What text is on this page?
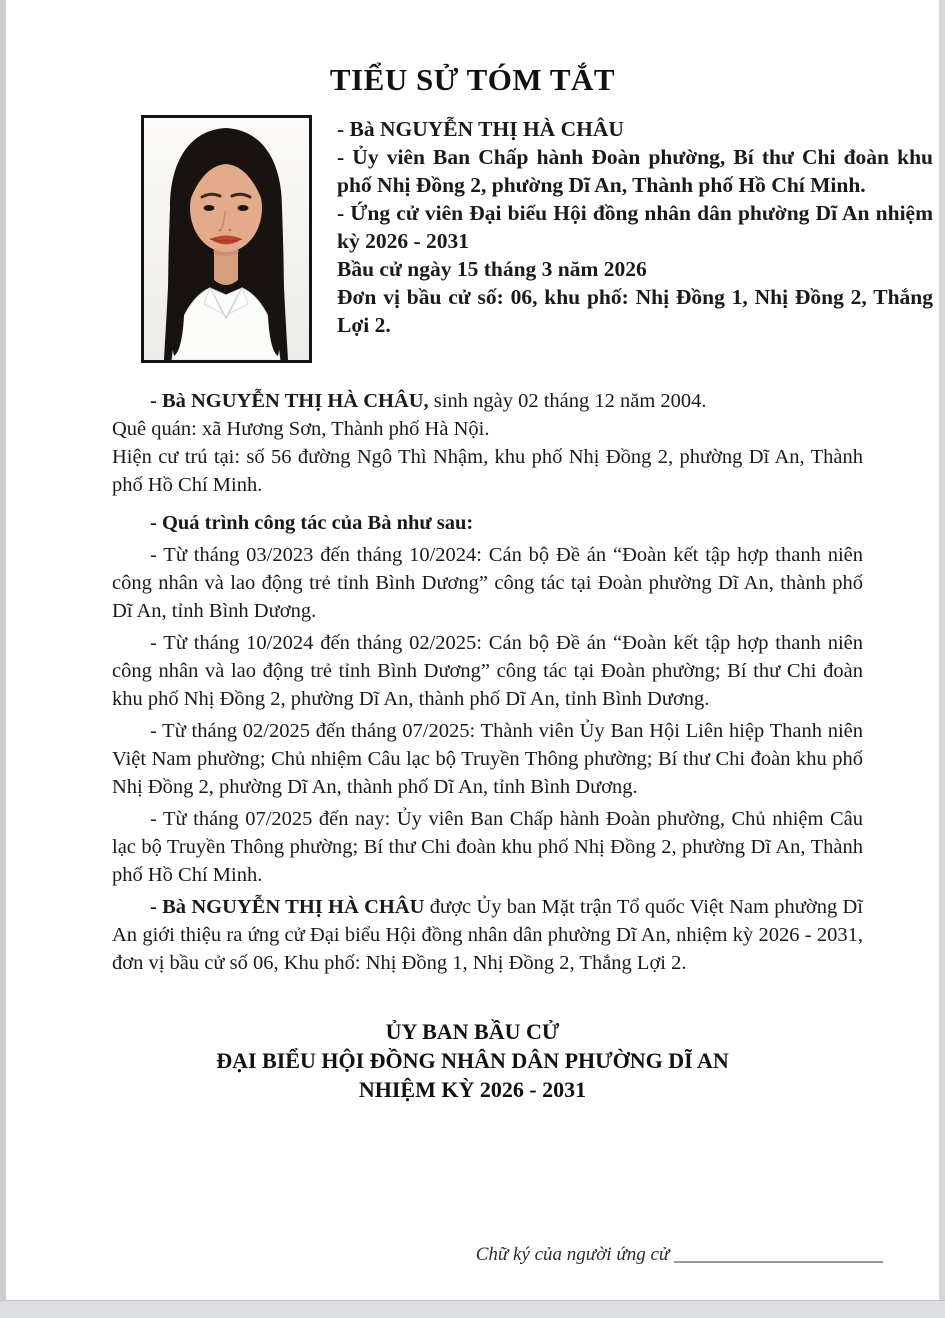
TIỂU SỬ TÓM TẮT

- Bà NGUYỄN THỊ HÀ CHÂU

- Ủy viên Ban Chấp hành Đoàn phường, Bí thư Chi đoàn khu phố Nhị Đồng 2, phường Dĩ An, Thành phố Hồ Chí Minh.

- Ứng cử viên Đại biểu Hội đồng nhân dân phường Dĩ An nhiệm kỳ 2026 - 2031

Bầu cử ngày 15 tháng 3 năm 2026

Đơn vị bầu cử số: 06, khu phố: Nhị Đồng 1, Nhị Đồng 2, Thắng Lợi 2.

- Bà NGUYỄN THỊ HÀ CHÂU, sinh ngày 02 tháng 12 năm 2004.

Quê quán: xã Hương Sơn, Thành phố Hà Nội.

Hiện cư trú tại: số 56 đường Ngô Thì Nhậm, khu phố Nhị Đồng 2, phường Dĩ An, Thành phố Hồ Chí Minh.

- Quá trình công tác của Bà như sau:

- Từ tháng 03/2023 đến tháng 10/2024: Cán bộ Đề án “Đoàn kết tập hợp thanh niên công nhân và lao động trẻ tỉnh Bình Dương” công tác tại Đoàn phường Dĩ An, thành phố Dĩ An, tỉnh Bình Dương.

- Từ tháng 10/2024 đến tháng 02/2025: Cán bộ Đề án “Đoàn kết tập hợp thanh niên công nhân và lao động trẻ tỉnh Bình Dương” công tác tại Đoàn phường; Bí thư Chi đoàn khu phố Nhị Đồng 2, phường Dĩ An, thành phố Dĩ An, tỉnh Bình Dương.

- Từ tháng 02/2025 đến tháng 07/2025: Thành viên Ủy Ban Hội Liên hiệp Thanh niên Việt Nam phường; Chủ nhiệm Câu lạc bộ Truyền Thông phường; Bí thư Chi đoàn khu phố Nhị Đồng 2, phường Dĩ An, thành phố Dĩ An, tỉnh Bình Dương.

- Từ tháng 07/2025 đến nay: Ủy viên Ban Chấp hành Đoàn phường, Chủ nhiệm Câu lạc bộ Truyền Thông phường; Bí thư Chi đoàn khu phố Nhị Đồng 2, phường Dĩ An, Thành phố Hồ Chí Minh.

- Bà NGUYỄN THỊ HÀ CHÂU được Ủy ban Mặt trận Tổ quốc Việt Nam phường Dĩ An giới thiệu ra ứng cử Đại biểu Hội đồng nhân dân phường Dĩ An, nhiệm kỳ 2026 - 2031, đơn vị bầu cử số 06, Khu phố: Nhị Đồng 1, Nhị Đồng 2, Thắng Lợi 2.

ỦY BAN BẦU CỬ

ĐẠI BIỂU HỘI ĐỒNG NHÂN DÂN PHƯỜNG DĨ AN

NHIỆM KỲ 2026 - 2031

Chữ ký của người ứng cử ______________________
